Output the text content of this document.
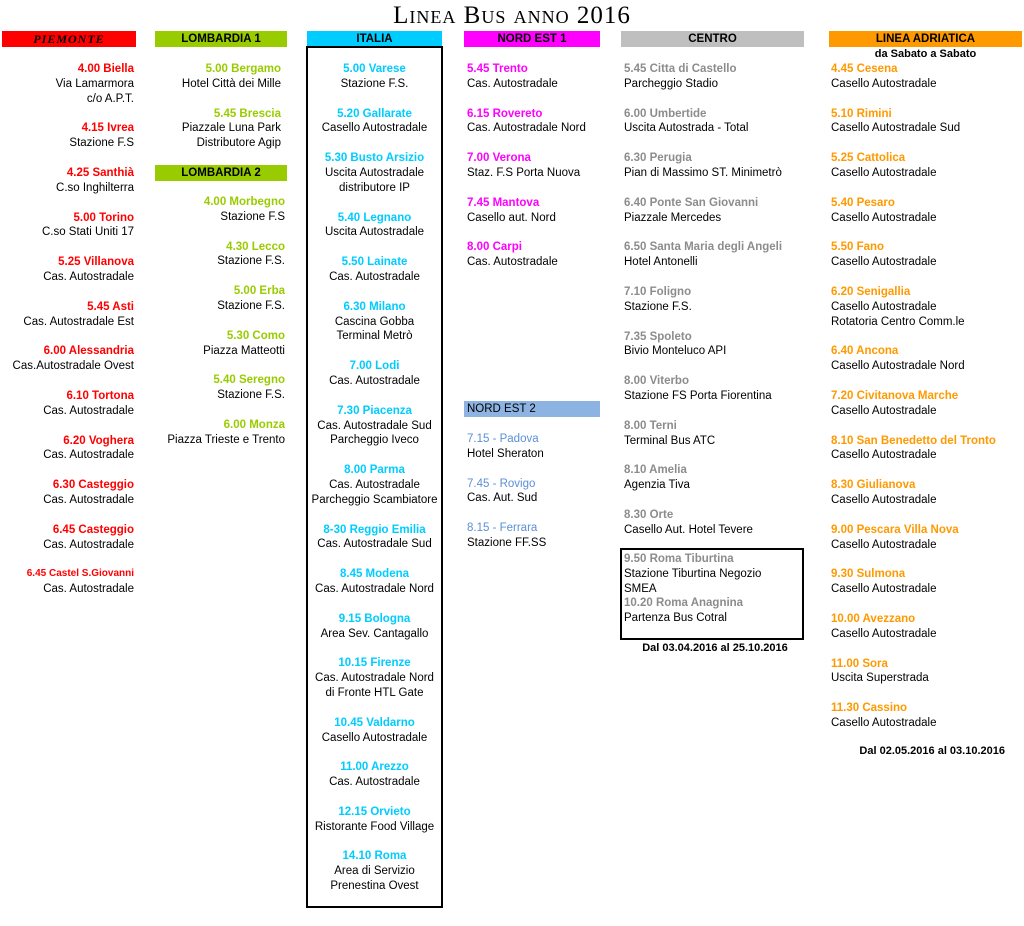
Linea Bus anno 2016
PIEMONTE	LOMBARDIA 1	ITALIA	NORD EST 1	CENTRO	LINEA ADRIATICA
da Sabato a Sabato
LOMBARDIA 2
NORD EST 2
4.00 Biella
Via Lamarmora
c/o A.P.T.
4.15 Ivrea
Stazione F.S
4.25 Santhià
C.so Inghilterra
5.00 Torino
C.so Stati Uniti 17
5.25 Villanova
Cas. Autostradale
5.45 Asti
Cas. Autostradale Est
6.00 Alessandria
Cas.Autostradale Ovest
6.10 Tortona
Cas. Autostradale
6.20 Voghera
Cas. Autostradale
6.30 Casteggio
Cas. Autostradale
6.45 Casteggio
Cas. Autostradale
6.45 Castel S.Giovanni
Cas. Autostradale
5.00 Bergamo
Hotel Città dei Mille
5.45 Brescia
Piazzale Luna Park
Distributore Agip
4.00 Morbegno
Stazione F.S
4.30 Lecco
Stazione F.S.
5.00 Erba
Stazione F.S.
5.30 Como
Piazza Matteotti
5.40 Seregno
Stazione F.S.
6.00 Monza
Piazza Trieste e Trento
5.00 Varese
Stazione F.S.
5.20 Gallarate
Casello Autostradale
5.30 Busto Arsizio
Uscita Autostradale
distributore IP
5.40 Legnano
Uscita Autostradale
5.50 Lainate
Cas. Autostradale
6.30 Milano
Cascina Gobba
Terminal Metrò
7.00 Lodi
Cas. Autostradale
7.30 Piacenza
Cas. Autostradale Sud
Parcheggio Iveco
8.00 Parma
Cas. Autostradale
Parcheggio Scambiatore
8-30 Reggio Emilia
Cas. Autostradale Sud
8.45 Modena
Cas. Autostradale Nord
9.15 Bologna
Area Sev. Cantagallo
10.15 Firenze
Cas. Autostradale Nord
di Fronte HTL Gate
10.45 Valdarno
Casello Autostradale
11.00 Arezzo
Cas. Autostradale
12.15 Orvieto
Ristorante Food Village
14.10 Roma
Area di Servizio
Prenestina Ovest
5.45 Trento
Cas. Autostradale
6.15 Rovereto
Cas. Autostradale Nord
7.00 Verona
Staz. F.S Porta Nuova
7.45 Mantova
Casello aut. Nord
8.00 Carpi
Cas. Autostradale
7.15 - Padova
Hotel Sheraton
7.45 - Rovigo
Cas. Aut. Sud
8.15 - Ferrara
Stazione FF.SS
5.45 Citta di Castello
Parcheggio Stadio
6.00 Umbertide
Uscita Autostrada - Total
6.30 Perugia
Pian di Massimo ST. Minimetrò
6.40 Ponte San Giovanni
Piazzale Mercedes
6.50 Santa Maria degli Angeli
Hotel Antonelli
7.10 Foligno
Stazione F.S.
7.35 Spoleto
Bivio Monteluco API
8.00 Viterbo
Stazione FS Porta Fiorentina
8.00 Terni
Terminal Bus ATC
8.10 Amelia
Agenzia Tiva
8.30 Orte
Casello Aut. Hotel Tevere
4.45 Cesena
Casello Autostradale
5.10 Rimini
Casello Autostradale Sud
5.25 Cattolica
Casello Autostradale
5.40 Pesaro
Casello Autostradale
5.50 Fano
Casello Autostradale
6.20 Senigallia
Casello Autostradale
Rotatoria Centro Comm.le
6.40 Ancona
Casello Autostradale Nord
7.20 Civitanova Marche
Casello Autostradale
8.10 San Benedetto del Tronto
Casello Autostradale
8.30 Giulianova
Casello Autostradale
9.00 Pescara Villa Nova
Casello Autostradale
9.30 Sulmona
Casello Autostradale
10.00 Avezzano
Casello Autostradale
11.00 Sora
Uscita Superstrada
11.30 Cassino
Casello Autostradale
9.50 Roma Tiburtina
Stazione Tiburtina Negozio
SMEA
10.20 Roma Anagnina
Partenza Bus Cotral
Dal 03.04.2016 al 25.10.2016
Dal 02.05.2016 al 03.10.2016
